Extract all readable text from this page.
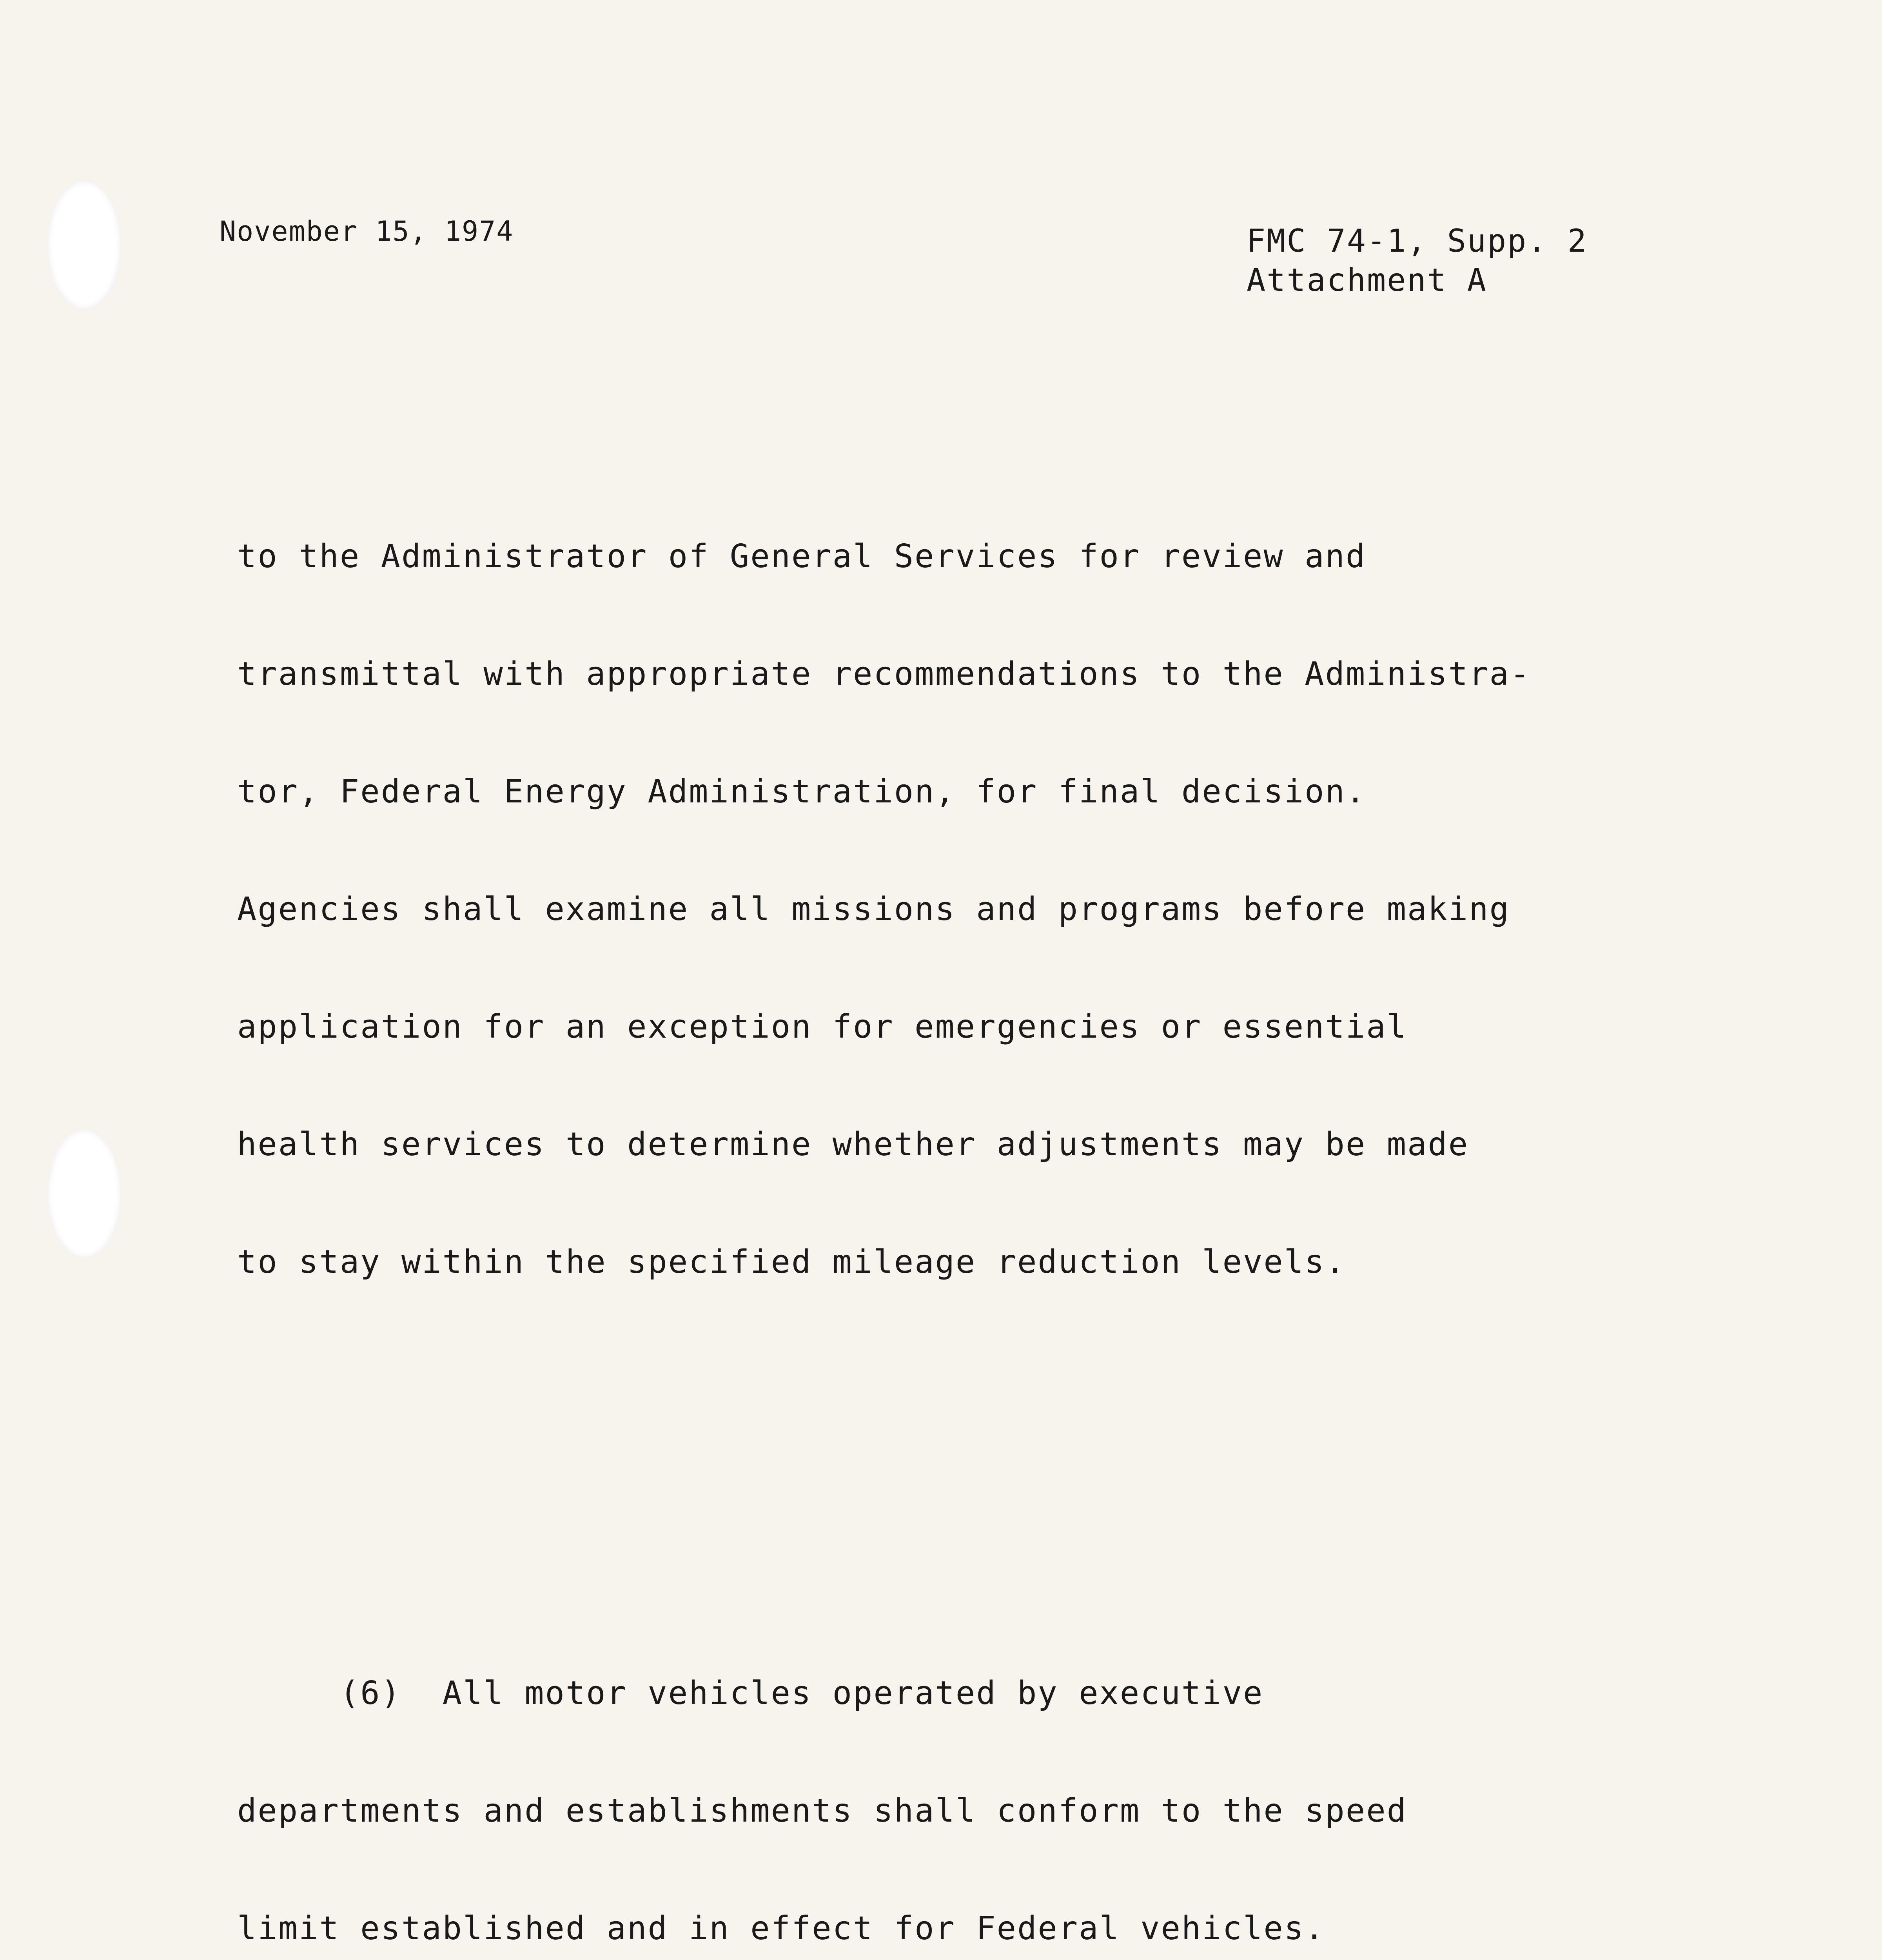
November 15, 1974	FMC 74-1, Supp. 2
Attachment A

to the Administrator of General Services for review and

transmittal with appropriate recommendations to the Administra-

tor, Federal Energy Administration, for final decision.

Agencies shall examine all missions and programs before making

application for an exception for emergencies or essential

health services to determine whether adjustments may be made

to stay within the specified mileage reduction levels.

(6)  All motor vehicles operated by executive

departments and establishments shall conform to the speed

limit established and in effect for Federal vehicles.
